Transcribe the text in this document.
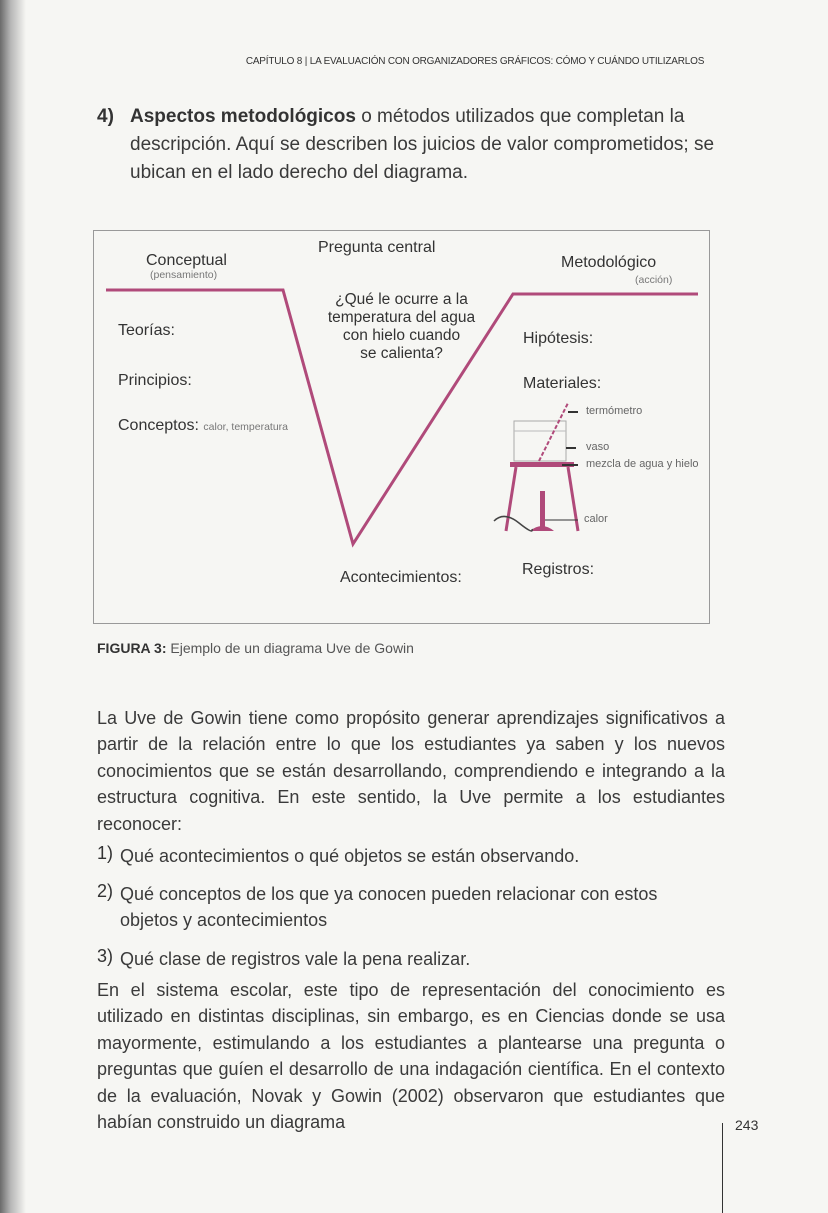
CAPÍTULO 8 | LA EVALUACIÓN CON ORGANIZADORES GRÁFICOS: CÓMO Y CUÁNDO UTILIZARLOS
4) Aspectos metodológicos o métodos utilizados que completan la descripción. Aquí se describen los juicios de valor comprometidos; se ubican en el lado derecho del diagrama.
Conceptual
(pensamiento)
Pregunta central
Metodológico
(acción)
¿Qué le ocurre a la
temperatura del agua
con hielo cuando
se calienta?
Teorías:
Principios:
Conceptos: calor, temperatura
Hipótesis:
Materiales:
termómetro
vaso
mezcla de agua y hielo
calor
Acontecimientos:	Registros:
FIGURA 3: Ejemplo de un diagrama Uve de Gowin
La Uve de Gowin tiene como propósito generar aprendizajes significativos a partir de la relación entre lo que los estudiantes ya saben y los nuevos conocimientos que se están desarrollando, comprendiendo e integrando a la estructura cognitiva. En este sentido, la Uve permite a los estudiantes reconocer:
1) Qué acontecimientos o qué objetos se están observando.
2) Qué conceptos de los que ya conocen pueden relacionar con estos objetos y acontecimientos
3) Qué clase de registros vale la pena realizar.
En el sistema escolar, este tipo de representación del conocimiento es utilizado en distintas disciplinas, sin embargo, es en Ciencias donde se usa mayormente, estimulando a los estudiantes a plantearse una pregunta o preguntas que guíen el desarrollo de una indagación científica. En el contexto de la evaluación, Novak y Gowin (2002) observaron que estudiantes que habían construido un diagrama	243
